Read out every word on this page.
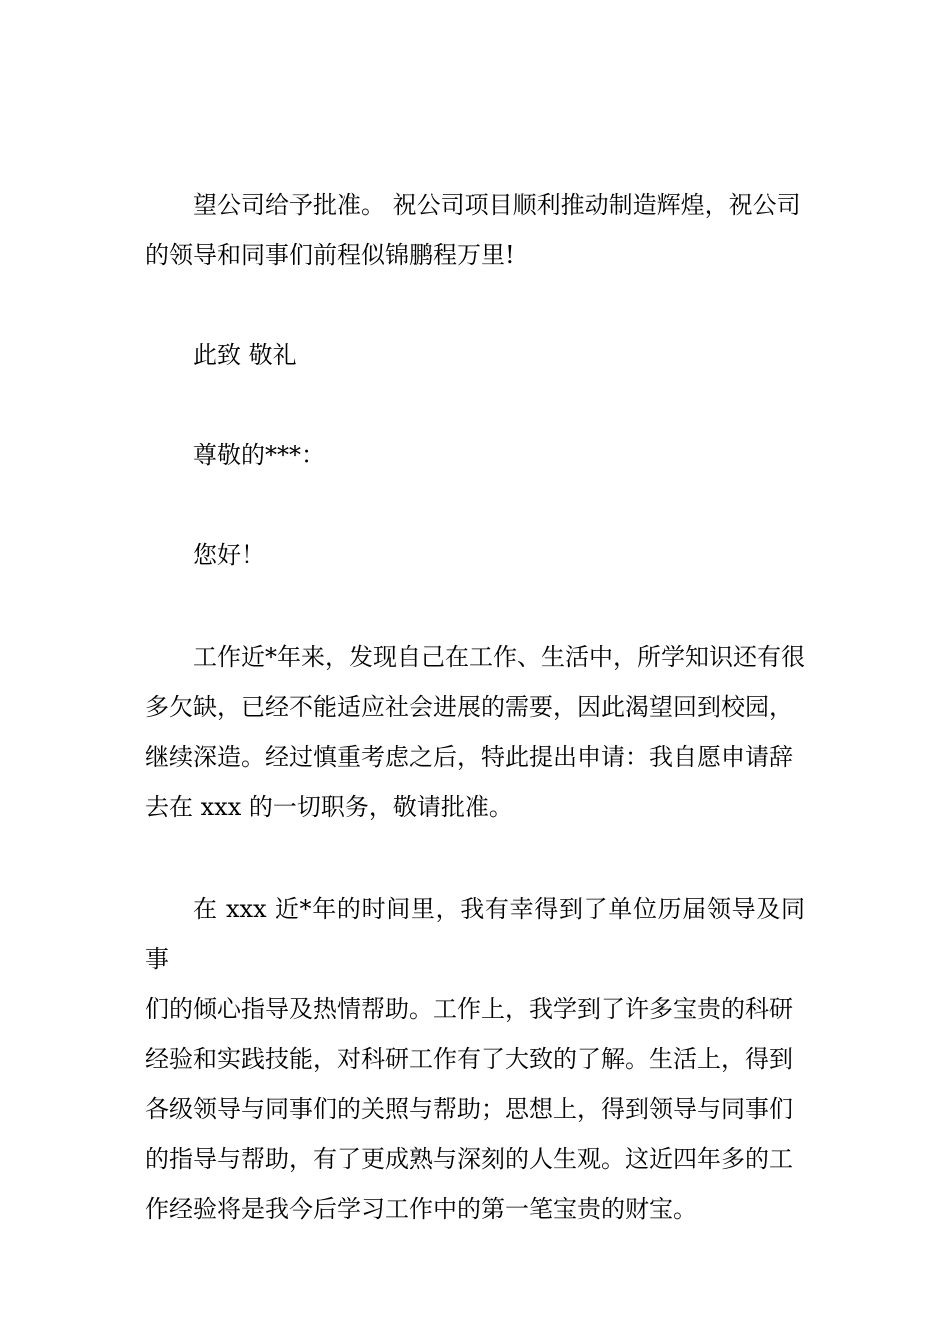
望公司给予批准。 祝公司项目顺利推动制造辉煌，祝公司
的领导和同事们前程似锦鹏程万里!

此致 敬礼

尊敬的***：

您好！

工作近*年来，发现自己在工作、生活中，所学知识还有很
多欠缺，已经不能适应社会进展的需要，因此渴望回到校园，
继续深造。经过慎重考虑之后，特此提出申请：我自愿申请辞
去在 xxx 的一切职务，敬请批准。

在 xxx 近*年的时间里，我有幸得到了单位历届领导及同事
们的倾心指导及热情帮助。工作上，我学到了许多宝贵的科研
经验和实践技能，对科研工作有了大致的了解。生活上，得到
各级领导与同事们的关照与帮助；思想上，得到领导与同事们
的指导与帮助，有了更成熟与深刻的人生观。这近四年多的工
作经验将是我今后学习工作中的第一笔宝贵的财宝。
